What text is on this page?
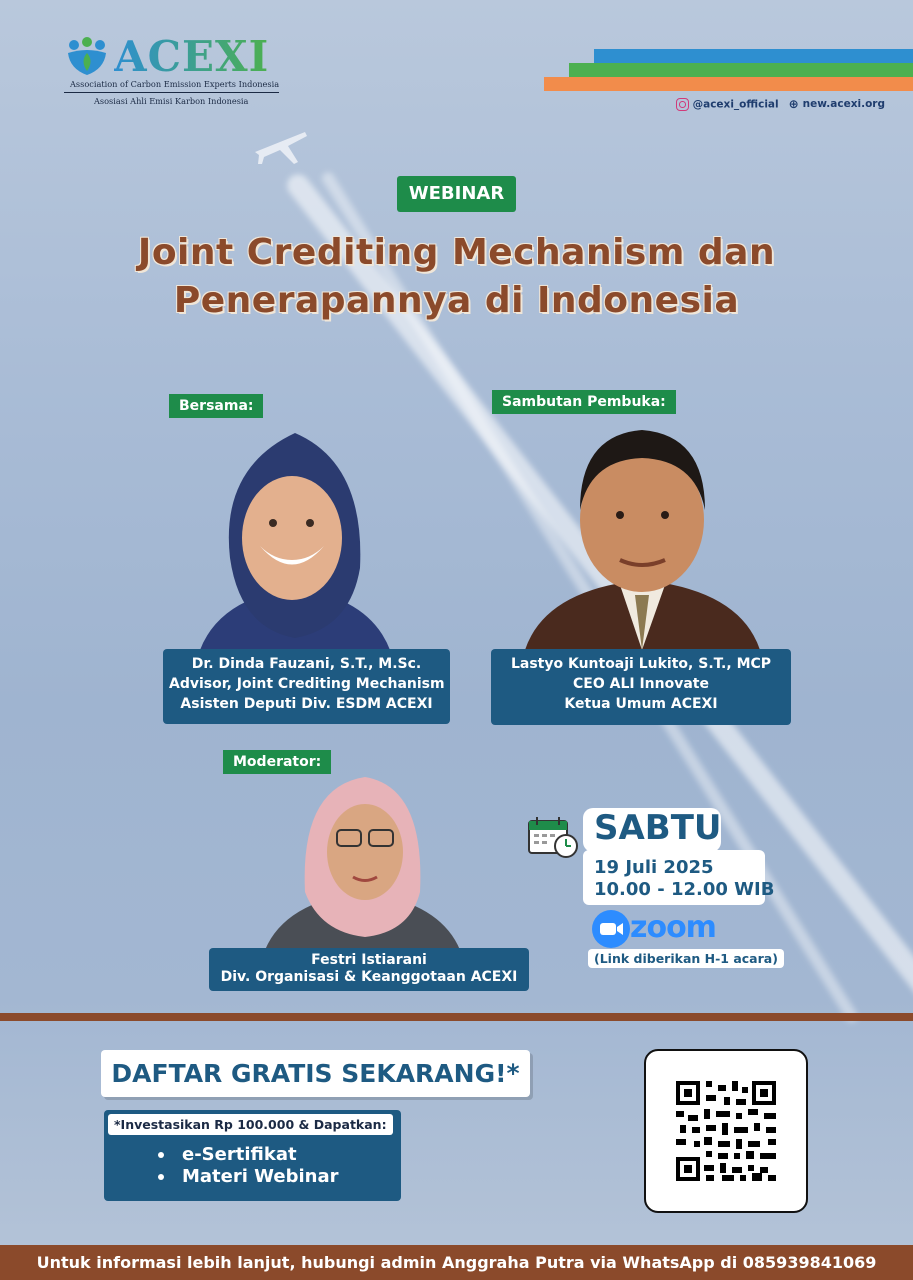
ACEXI
Association of Carbon Emission Experts Indonesia
Asosiasi Ahli Emisi Karbon Indonesia	@acexi_official ⊕ new.acexi.org
WEBINAR
Joint Crediting Mechanism dan
Penerapannya di Indonesia
Bersama:
Dr. Dinda Fauzani, S.T., M.Sc.
Advisor, Joint Crediting Mechanism
Asisten Deputi Div. ESDM ACEXI
Sambutan Pembuka:
Lastyo Kuntoaji Lukito, S.T., MCP
CEO ALI Innovate
Ketua Umum ACEXI
Moderator:
Festri Istiarani
Div. Organisasi & Keanggotaan ACEXI
SABTU
19 Juli 2025
10.00 - 12.00 WIB
zoom
(Link diberikan H-1 acara)
DAFTAR GRATIS SEKARANG!*
*Investasikan Rp 100.000 & Dapatkan:
e-Sertifikat
Materi Webinar
Untuk informasi lebih lanjut, hubungi admin Anggraha Putra via WhatsApp di 085939841069
